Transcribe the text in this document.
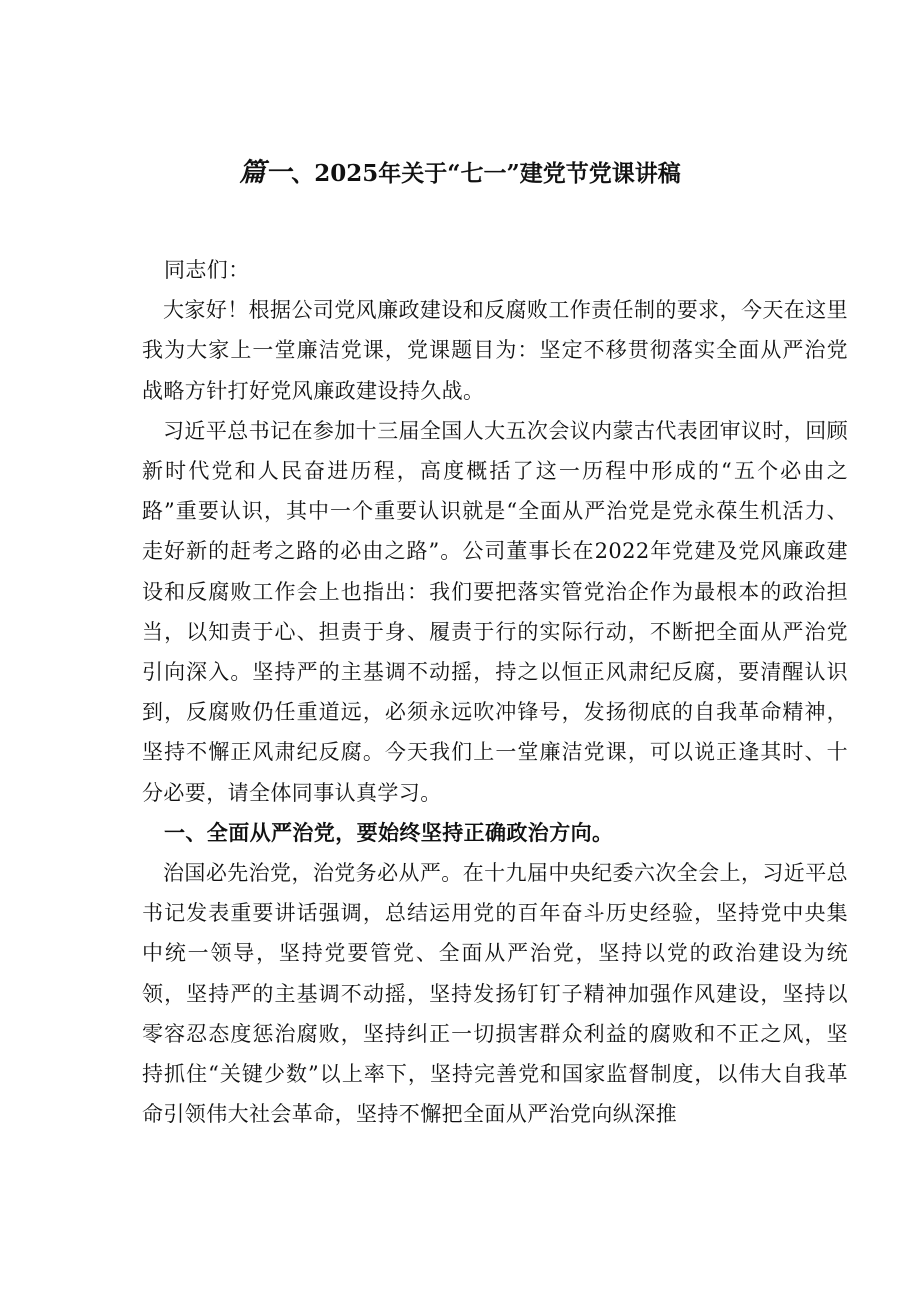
篇一、2025年关于“七一”建党节党课讲稿

同志们：

大家好！根据公司党风廉政建设和反腐败工作责任制的要求，今天在这里我为大家上一堂廉洁党课，党课题目为：坚定不移贯彻落实全面从严治党战略方针打好党风廉政建设持久战。

习近平总书记在参加十三届全国人大五次会议内蒙古代表团审议时，回顾新时代党和人民奋进历程，高度概括了这一历程中形成的“五个必由之路”重要认识，其中一个重要认识就是“全面从严治党是党永葆生机活力、走好新的赶考之路的必由之路”。公司董事长在2022年党建及党风廉政建设和反腐败工作会上也指出：我们要把落实管党治企作为最根本的政治担当，以知责于心、担责于身、履责于行的实际行动，不断把全面从严治党引向深入。坚持严的主基调不动摇，持之以恒正风肃纪反腐，要清醒认识到，反腐败仍任重道远，必须永远吹冲锋号，发扬彻底的自我革命精神，坚持不懈正风肃纪反腐。今天我们上一堂廉洁党课，可以说正逢其时、十分必要，请全体同事认真学习。

一、全面从严治党，要始终坚持正确政治方向。

治国必先治党，治党务必从严。在十九届中央纪委六次全会上，习近平总书记发表重要讲话强调，总结运用党的百年奋斗历史经验，坚持党中央集中统一领导，坚持党要管党、全面从严治党，坚持以党的政治建设为统领，坚持严的主基调不动摇，坚持发扬钉钉子精神加强作风建设，坚持以零容忍态度惩治腐败，坚持纠正一切损害群众利益的腐败和不正之风，坚持抓住“关键少数”以上率下，坚持完善党和国家监督制度，以伟大自我革命引领伟大社会革命，坚持不懈把全面从严治党向纵深推
